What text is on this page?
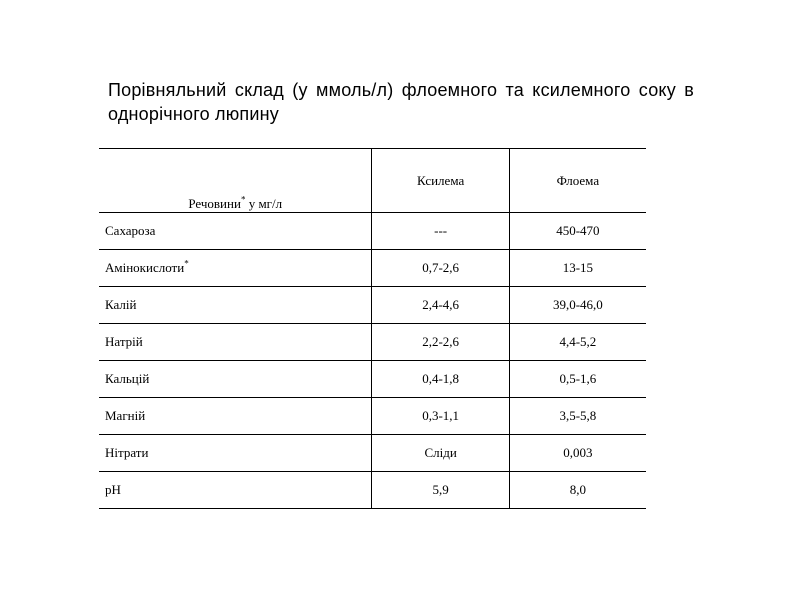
Порівняльний склад (у ммоль/л) флоемного та ксилемного соку в однорічного люпину

Речовини* у мг/л	Ксилема	Флоема
Сахароза	---	450-470
Амінокислоти*	0,7-2,6	13-15
Калій	2,4-4,6	39,0-46,0
Натрій	2,2-2,6	4,4-5,2
Кальцій	0,4-1,8	0,5-1,6
Магній	0,3-1,1	3,5-5,8
Нітрати	Сліди	0,003
рН	5,9	8,0
